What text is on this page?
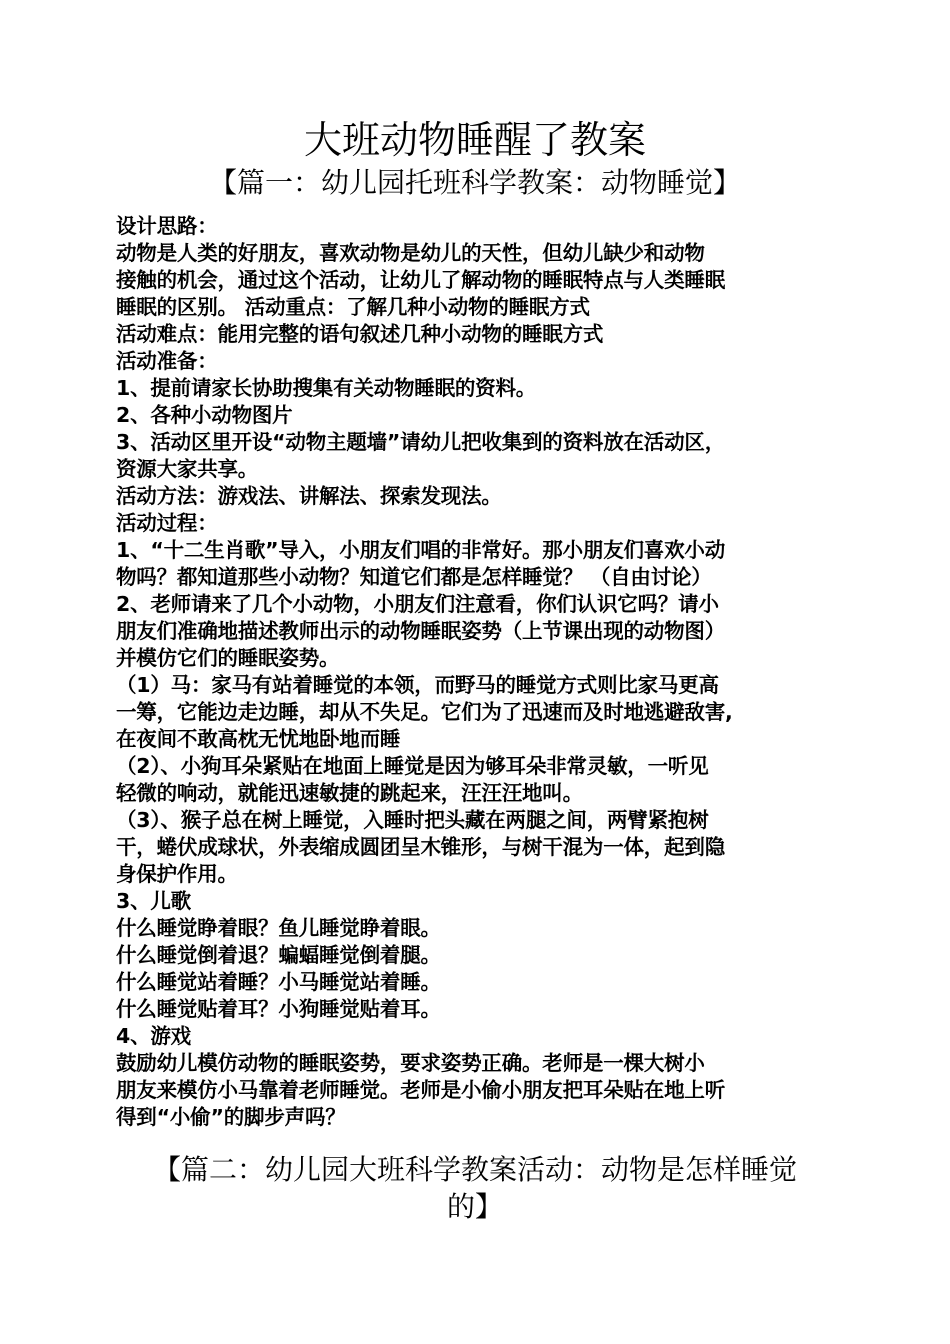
大班动物睡醒了教案
【篇一：幼儿园托班科学教案：动物睡觉】

设计思路：

动物是人类的好朋友，喜欢动物是幼儿的天性，但幼儿缺少和动物

接触的机会，通过这个活动，让幼儿了解动物的睡眠特点与人类睡眠

睡眠的区别。 活动重点：了解几种小动物的睡眠方式

活动难点：能用完整的语句叙述几种小动物的睡眠方式

活动准备：

1、提前请家长协助搜集有关动物睡眠的资料。

2、各种小动物图片

3、活动区里开设“动物主题墙”请幼儿把收集到的资料放在活动区，

资源大家共享。

活动方法：游戏法、讲解法、探索发现法。

活动过程：

1、“十二生肖歌”导入，小朋友们唱的非常好。那小朋友们喜欢小动

物吗？都知道那些小动物？知道它们都是怎样睡觉？ （自由讨论）

2、老师请来了几个小动物，小朋友们注意看，你们认识它吗？请小

朋友们准确地描述教师出示的动物睡眠姿势（上节课出现的动物图）

并模仿它们的睡眠姿势。

（1）马：家马有站着睡觉的本领，而野马的睡觉方式则比家马更高

一筹，它能边走边睡，却从不失足。它们为了迅速而及时地逃避敌害,

在夜间不敢高枕无忧地卧地而睡

（2）、小狗耳朵紧贴在地面上睡觉是因为够耳朵非常灵敏，一听见

轻微的响动，就能迅速敏捷的跳起来，汪汪汪地叫。

（3）、猴子总在树上睡觉，入睡时把头藏在两腿之间，两臂紧抱树

干，蜷伏成球状，外表缩成圆团呈木锥形，与树干混为一体，起到隐

身保护作用。

3、儿歌

什么睡觉睁着眼？鱼儿睡觉睁着眼。

什么睡觉倒着退？蝙蝠睡觉倒着腿。

什么睡觉站着睡？小马睡觉站着睡。

什么睡觉贴着耳？小狗睡觉贴着耳。

4、游戏

鼓励幼儿模仿动物的睡眠姿势，要求姿势正确。老师是一棵大树小

朋友来模仿小马靠着老师睡觉。老师是小偷小朋友把耳朵贴在地上听

得到“小偷”的脚步声吗？

【篇二：幼儿园大班科学教案活动：动物是怎样睡觉
的】
